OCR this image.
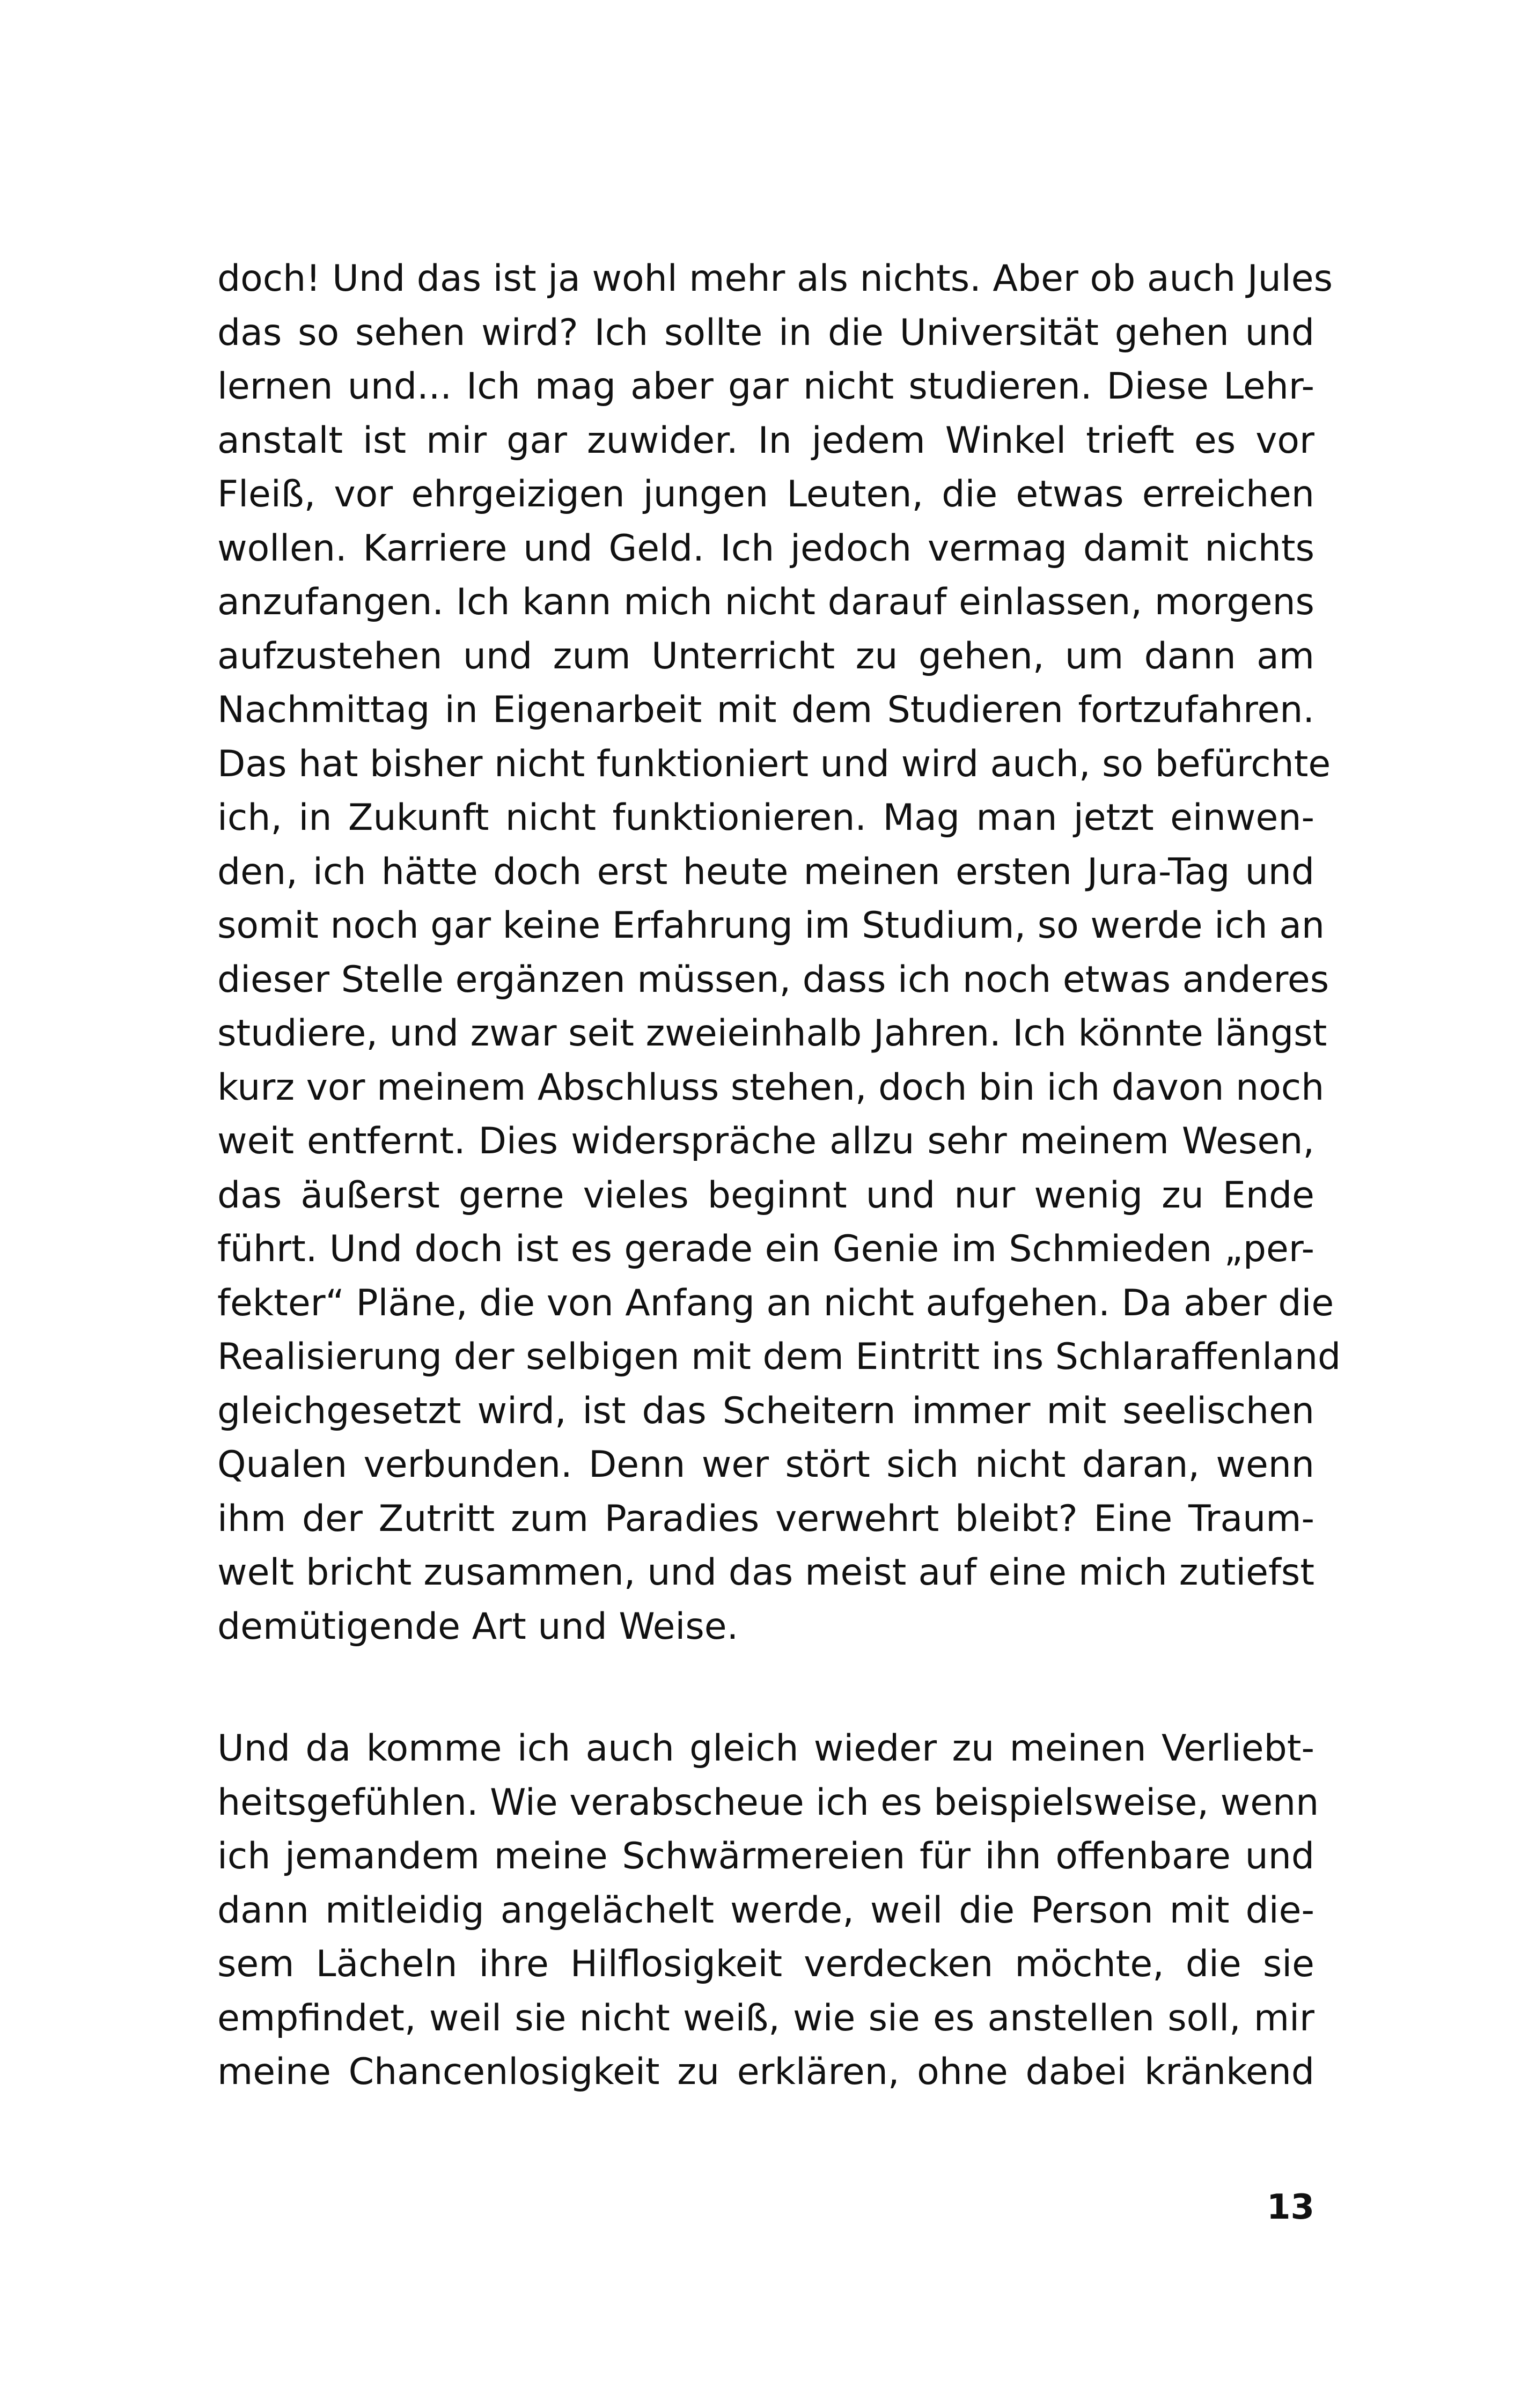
doch! Und das ist ja wohl mehr als nichts. Aber ob auch Jules
das so sehen wird? Ich sollte in die Universität gehen und
lernen und... Ich mag aber gar nicht studieren. Diese Lehr-
anstalt ist mir gar zuwider. In jedem Winkel trieft es vor
Fleiß, vor ehrgeizigen jungen Leuten, die etwas erreichen
wollen. Karriere und Geld. Ich jedoch vermag damit nichts
anzufangen. Ich kann mich nicht darauf einlassen, morgens
aufzustehen und zum Unterricht zu gehen, um dann am
Nachmittag in Eigenarbeit mit dem Studieren fortzufahren.
Das hat bisher nicht funktioniert und wird auch, so befürchte
ich, in Zukunft nicht funktionieren. Mag man jetzt einwen-
den, ich hätte doch erst heute meinen ersten Jura-Tag und
somit noch gar keine Erfahrung im Studium, so werde ich an
dieser Stelle ergänzen müssen, dass ich noch etwas anderes
studiere, und zwar seit zweieinhalb Jahren. Ich könnte längst
kurz vor meinem Abschluss stehen, doch bin ich davon noch
weit entfernt. Dies widerspräche allzu sehr meinem Wesen,
das äußerst gerne vieles beginnt und nur wenig zu Ende
führt. Und doch ist es gerade ein Genie im Schmieden „per-
fekter“ Pläne, die von Anfang an nicht aufgehen. Da aber die
Realisierung der selbigen mit dem Eintritt ins Schlaraffenland
gleichgesetzt wird, ist das Scheitern immer mit seelischen
Qualen verbunden. Denn wer stört sich nicht daran, wenn
ihm der Zutritt zum Paradies verwehrt bleibt? Eine Traum-
welt bricht zusammen, und das meist auf eine mich zutiefst
demütigende Art und Weise.
Und da komme ich auch gleich wieder zu meinen Verliebt-
heitsgefühlen. Wie verabscheue ich es beispielsweise, wenn
ich jemandem meine Schwärmereien für ihn offenbare und
dann mitleidig angelächelt werde, weil die Person mit die-
sem Lächeln ihre Hilflosigkeit verdecken möchte, die sie
empfindet, weil sie nicht weiß, wie sie es anstellen soll, mir
meine Chancenlosigkeit zu erklären, ohne dabei kränkend
13
